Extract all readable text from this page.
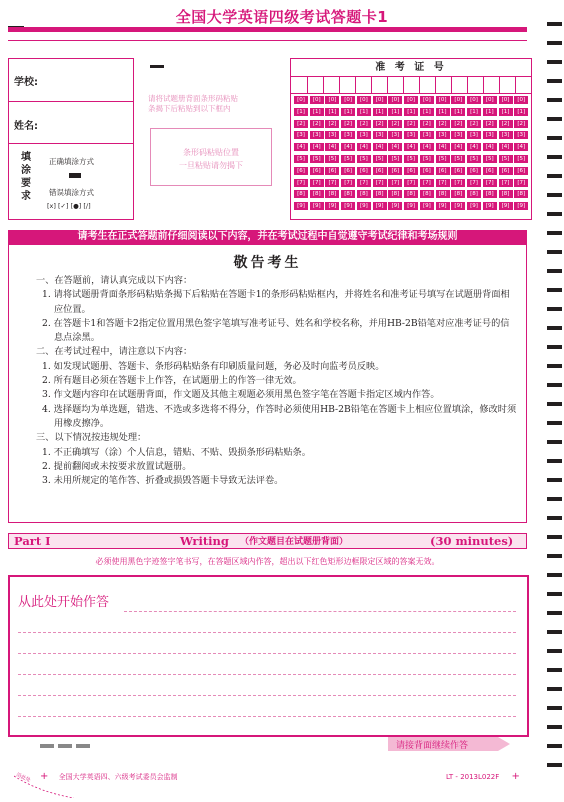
全国大学英语四级考试答题卡1
学校:
姓名:
填
涂
要
求
正确填涂方式
错误填涂方式
[x] [✓] [●] [/]
请将试题册背面条形码粘贴
条揭下后粘贴到以下框内
条形码粘贴位置
一旦粘贴请勿揭下
准 考 证 号
[0]	[0]	[0]	[0]	[0]	[0]	[0]	[0]	[0]	[0]	[0]	[0]	[0]	[0]	[0]
[1]	[1]	[1]	[1]	[1]	[1]	[1]	[1]	[1]	[1]	[1]	[1]	[1]	[1]	[1]
[2]	[2]	[2]	[2]	[2]	[2]	[2]	[2]	[2]	[2]	[2]	[2]	[2]	[2]	[2]
[3]	[3]	[3]	[3]	[3]	[3]	[3]	[3]	[3]	[3]	[3]	[3]	[3]	[3]	[3]
[4]	[4]	[4]	[4]	[4]	[4]	[4]	[4]	[4]	[4]	[4]	[4]	[4]	[4]	[4]
[5]	[5]	[5]	[5]	[5]	[5]	[5]	[5]	[5]	[5]	[5]	[5]	[5]	[5]	[5]
[6]	[6]	[6]	[6]	[6]	[6]	[6]	[6]	[6]	[6]	[6]	[6]	[6]	[6]	[6]
[7]	[7]	[7]	[7]	[7]	[7]	[7]	[7]	[7]	[7]	[7]	[7]	[7]	[7]	[7]
[8]	[8]	[8]	[8]	[8]	[8]	[8]	[8]	[8]	[8]	[8]	[8]	[8]	[8]	[8]
[9]	[9]	[9]	[9]	[9]	[9]	[9]	[9]	[9]	[9]	[9]	[9]	[9]	[9]	[9]
请考生在正式答题前仔细阅读以下内容，并在考试过程中自觉遵守考试纪律和考场规则
敬告考生

一、在答题前，请认真完成以下内容：

1. 请将试题册背面条形码粘贴条揭下后粘贴在答题卡1的条形码粘贴框内，并将姓名和准考证号填写在试题册背面相应位置。

2. 在答题卡1和答题卡2指定位置用黑色签字笔填写准考证号、姓名和学校名称，并用HB-2B铅笔对应准考证号的信息点涂黑。

二、在考试过程中，请注意以下内容：

1. 如发现试题册、答题卡、条形码粘贴条有印刷质量问题，务必及时向监考员反映。

2. 所有题目必须在答题卡上作答，在试题册上的作答一律无效。

3. 作文题内容印在试题册背面，作文题及其他主观题必须用黑色签字笔在答题卡指定区域内作答。

4. 选择题均为单选题，错选、不选或多选将不得分，作答时必须使用HB-2B铅笔在答题卡上相应位置填涂，修改时须用橡皮擦净。

三、以下情况按违规处理：

1. 不正确填写（涂）个人信息，错贴、不贴、毁损条形码粘贴条。

2. 提前翻阅或未按要求放置试题册。

3. 未用所规定的笔作答、折叠或损毁答题卡导致无法评卷。

Part I	Writing （作文题目在试题册背面）	(30 minutes)
必须使用黑色字迹签字笔书写，在答题区域内作答，超出以下红色矩形边框限定区域的答案无效。
从此处开始作答
请接背面继续作答
+ 全国大学英语四、六级考试委员会监制	LT - 2013L022F +
沿此处
